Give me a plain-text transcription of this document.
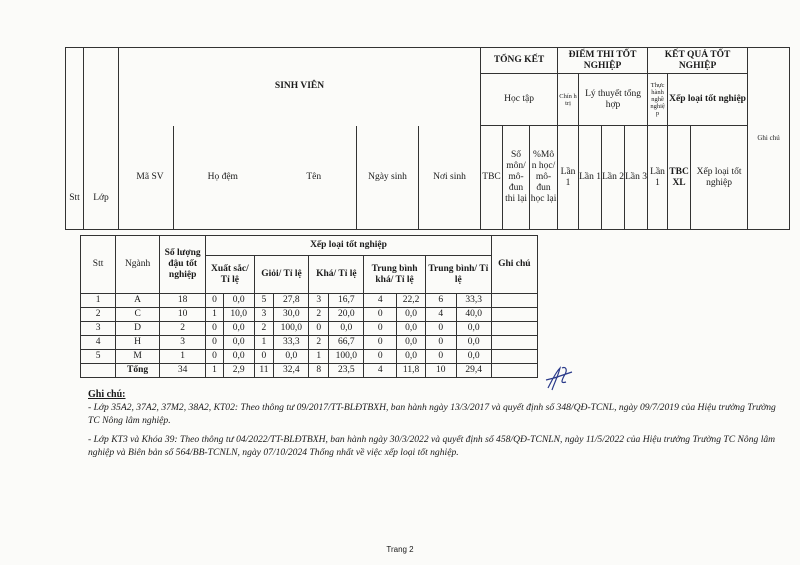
Stt	Lớp	SINH VIÊN					TỔNG KẾT			ĐIỂM THI TỐT NGHIỆP				KẾT QUẢ TỐT NGHIỆP			Ghi chú
							Học tập			Chín h trị	Lý thuyết tổng hợp			Thực hành nghề nghiệ p	Xếp loại tốt nghiệp		
		Mã SV	Họ đệm	Tên	Ngày sinh	Nơi sinh	TBC	Số môn/ mô- đun thi lại	%Mô n học/ mô- đun học lại	Lần 1	Lần 1	Lần 2	Lần 3	Lần 1	TBC XL	Xếp loại tốt nghiệp	
Stt	Ngành	Số lượng đậu tốt nghiệp	Xếp loại tốt nghiệp										Ghi chú
			Xuất sắc/ Tỉ lệ		Giỏi/ Tỉ lệ		Khá/ Tỉ lệ		Trung bình khá/ Tỉ lệ		Trung bình/ Tỉ lệ		
1	A	18	0	0,0	5	27,8	3	16,7	4	22,2	6	33,3	
2	C	10	1	10,0	3	30,0	2	20,0	0	0,0	4	40,0	
3	D	2	0	0,0	2	100,0	0	0,0	0	0,0	0	0,0	
4	H	3	0	0,0	1	33,3	2	66,7	0	0,0	0	0,0	
5	M	1	0	0,0	0	0,0	1	100,0	0	0,0	0	0,0	
	Tổng	34	1	2,9	11	32,4	8	23,5	4	11,8	10	29,4	
Ghi chú:
- Lớp 35A2, 37A2, 37M2, 38A2, KT02: Theo thông tư 09/2017/TT-BLĐTBXH, ban hành ngày 13/3/2017 và quyết định số 348/QĐ-TCNL, ngày 09/7/2019 của Hiệu trưởng Trường TC Nông lâm nghiệp.
- Lớp KT3 và Khóa 39: Theo thông tư 04/2022/TT-BLĐTBXH, ban hành ngày 30/3/2022 và quyết định số 458/QĐ-TCNLN, ngày 11/5/2022 của Hiệu trưởng Trường TC Nông lâm nghiệp và Biên bản số 564/BB-TCNLN, ngày 07/10/2024 Thống nhất về việc xếp loại tốt nghiệp.
Trang 2
